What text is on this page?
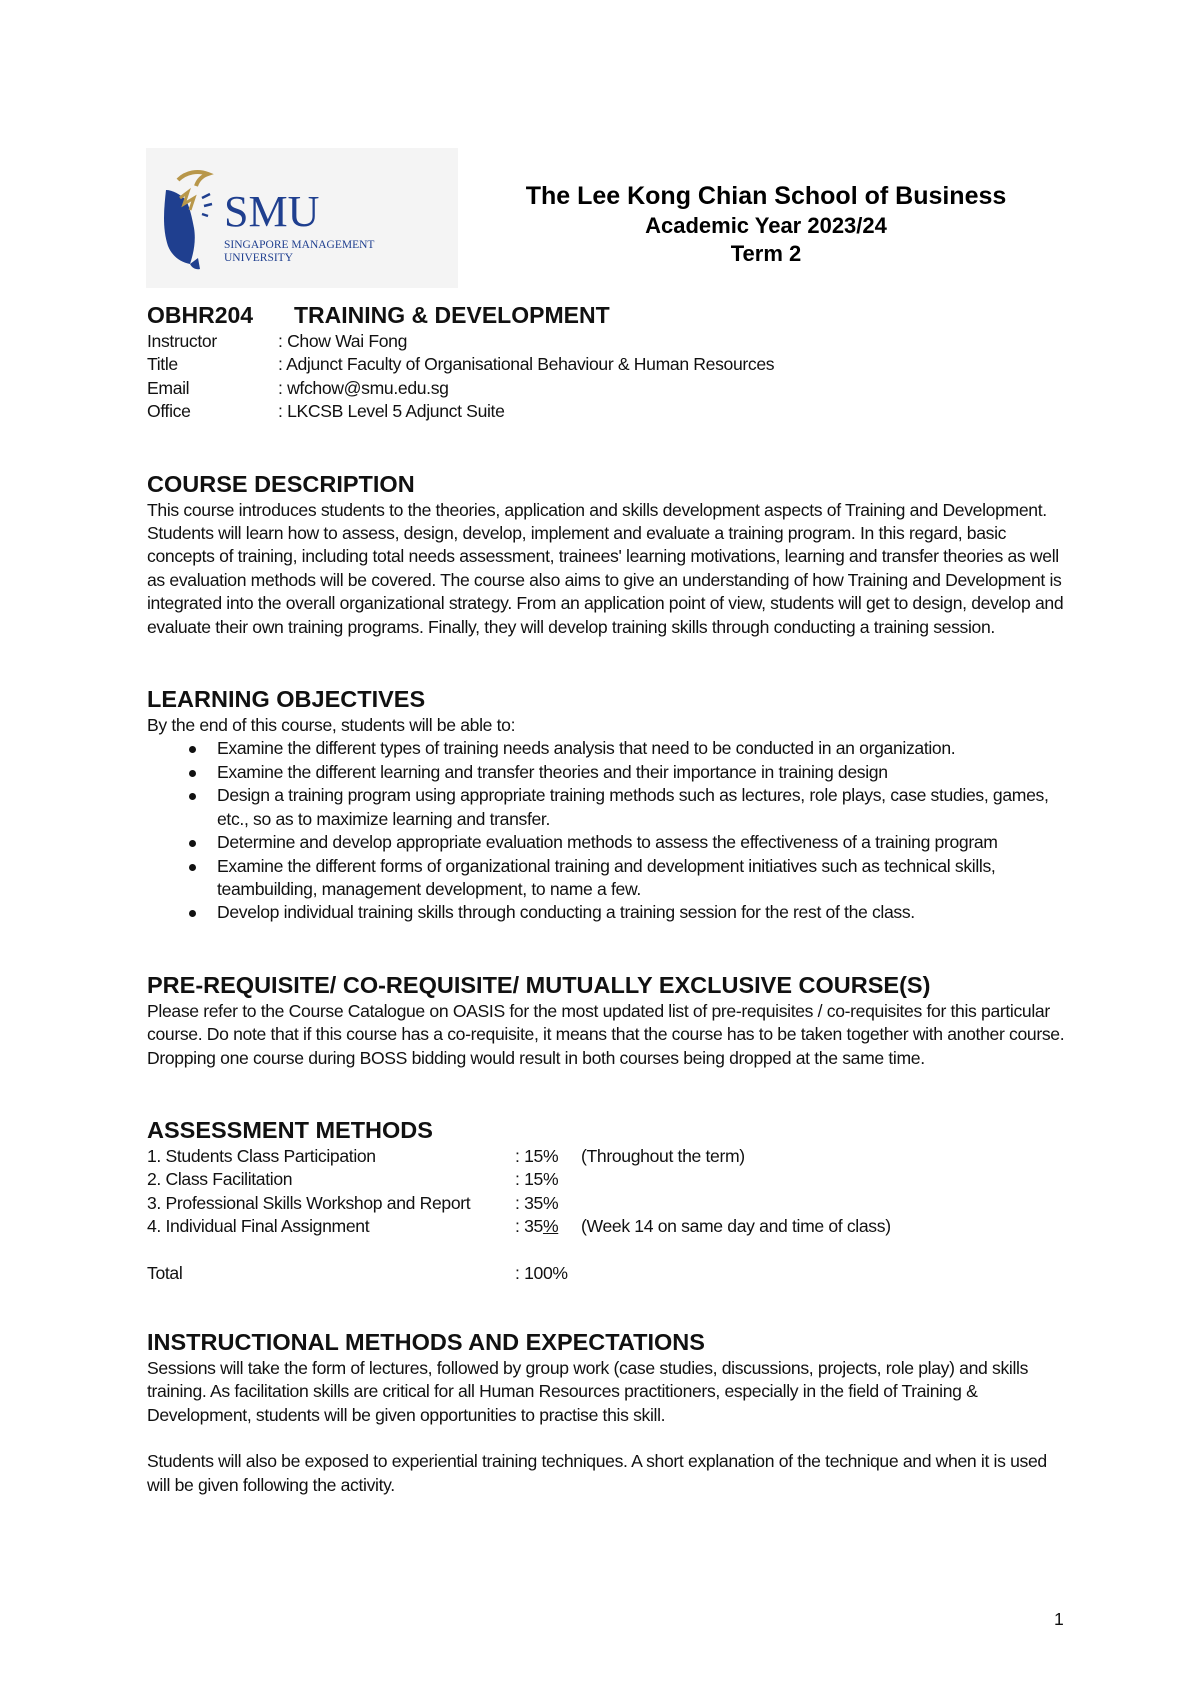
SMU
SINGAPORE MANAGEMENT
UNIVERSITY
The Lee Kong Chian School of Business
Academic Year 2023/24
Term 2
OBHR204	TRAINING & DEVELOPMENT
Instructor	: Chow Wai Fong
Title	: Adjunct Faculty of Organisational Behaviour & Human Resources
Email	: wfchow@smu.edu.sg
Office	: LKCSB Level 5 Adjunct Suite
COURSE DESCRIPTION

This course introduces students to the theories, application and skills development aspects of Training and Development. Students will learn how to assess, design, develop, implement and evaluate a training program. In this regard, basic concepts of training, including total needs assessment, trainees' learning motivations, learning and transfer theories as well as evaluation methods will be covered. The course also aims to give an understanding of how Training and Development is integrated into the overall organizational strategy. From an application point of view, students will get to design, develop and evaluate their own training programs. Finally, they will develop training skills through conducting a training session.

LEARNING OBJECTIVES

By the end of this course, students will be able to:

Examine the different types of training needs analysis that need to be conducted in an organization.
Examine the different learning and transfer theories and their importance in training design
Design a training program using appropriate training methods such as lectures, role plays, case studies, games, etc., so as to maximize learning and transfer.
Determine and develop appropriate evaluation methods to assess the effectiveness of a training program
Examine the different forms of organizational training and development initiatives such as technical skills, teambuilding, management development, to name a few.
Develop individual training skills through conducting a training session for the rest of the class.
PRE-REQUISITE/ CO-REQUISITE/ MUTUALLY EXCLUSIVE COURSE(S)

Please refer to the Course Catalogue on OASIS for the most updated list of pre-requisites / co-requisites for this particular course. Do note that if this course has a co-requisite, it means that the course has to be taken together with another course. Dropping one course during BOSS bidding would result in both courses being dropped at the same time.

ASSESSMENT METHODS
1. Students Class Participation	: 15%	(Throughout the term)
2. Class Facilitation	: 15%
3. Professional Skills Workshop and Report	: 35%
4. Individual Final Assignment	: 35%	(Week 14 on same day and time of class)
Total	: 100%
INSTRUCTIONAL METHODS AND EXPECTATIONS

Sessions will take the form of lectures, followed by group work (case studies, discussions, projects, role play) and skills training. As facilitation skills are critical for all Human Resources practitioners, especially in the field of Training & Development, students will be given opportunities to practise this skill.

Students will also be exposed to experiential training techniques. A short explanation of the technique and when it is used will be given following the activity.

1
